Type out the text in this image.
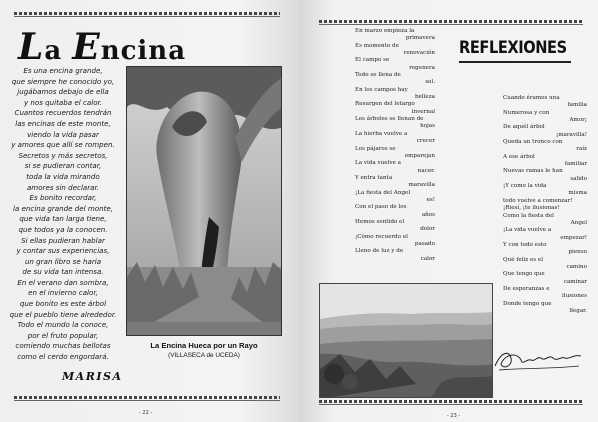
La Encina
Es una encina grande,
que siempre he conocido yo,
jugábamos debajo de ella
y nos quitaba el calor.
Cuantos recuerdos tendrán
las encinas de este monte,
viendo la vida pasar
y amores que allí se rompen.
Secretos y más secretos,
si se pudieran contar,
toda la vida mirando
amores sin declarar.
Es bonito recordar,
la encina grande del monte,
que vida tan larga tiene,
que todos ya la conocen.
Si ellas pudieran hablar
y contar sus experiencias,
un gran libro se haría
de su vida tan intensa.
En el verano dan sombra,
en el invierno calor,
que bonito es este árbol
que el pueblo tiene alrededor.
Todo el mundo la conoce,
por el fruto popular,
comiendo muchas bellotas
como el cerdo engordará.
MARISA
La Encina Hueca por un Rayo
(VILLASECA de UCEDA)
- 22 -
REFLEXIONES
En marzo empieza la
primavera
Es momento de
renovación
El campo se
regenera
Todo se llena de
sol.
En los campos hay
belleza
Resurgen del letargo
invernal
Los árboles se llenan de
hojas
La hierba vuelve a
crecer
Los pájaros se
emparejan
La vida vuelve a
nacer.
Y entra tanta
maravilla
¡La fiesta del Angel
es!
Con el paso de los
años
Hemos sentido el
dolor
¡Cómo recuerdo el
pasado
Lleno de luz y de
calor
Cuando éramos una
familia
Numerosa y con
Amor¡
De aquél árbol
¡maravilla!
Queda un tronco con
raíz
A ese árbol
familiar
Nuevas ramas le han
salido
¡Y como la vida
misma
todo vuelve a comenzar!
¡Riesí, ¡te ilusionas!
Como la fiesta del
Angel
¡La vida vuelve a
empezar!
Y con todo esto
pienso
Qué feliz es el
camino
Que tengo que
caminar
De esperanzas e
ilusiones
Donde tengo que
llegar.
- 23 -
